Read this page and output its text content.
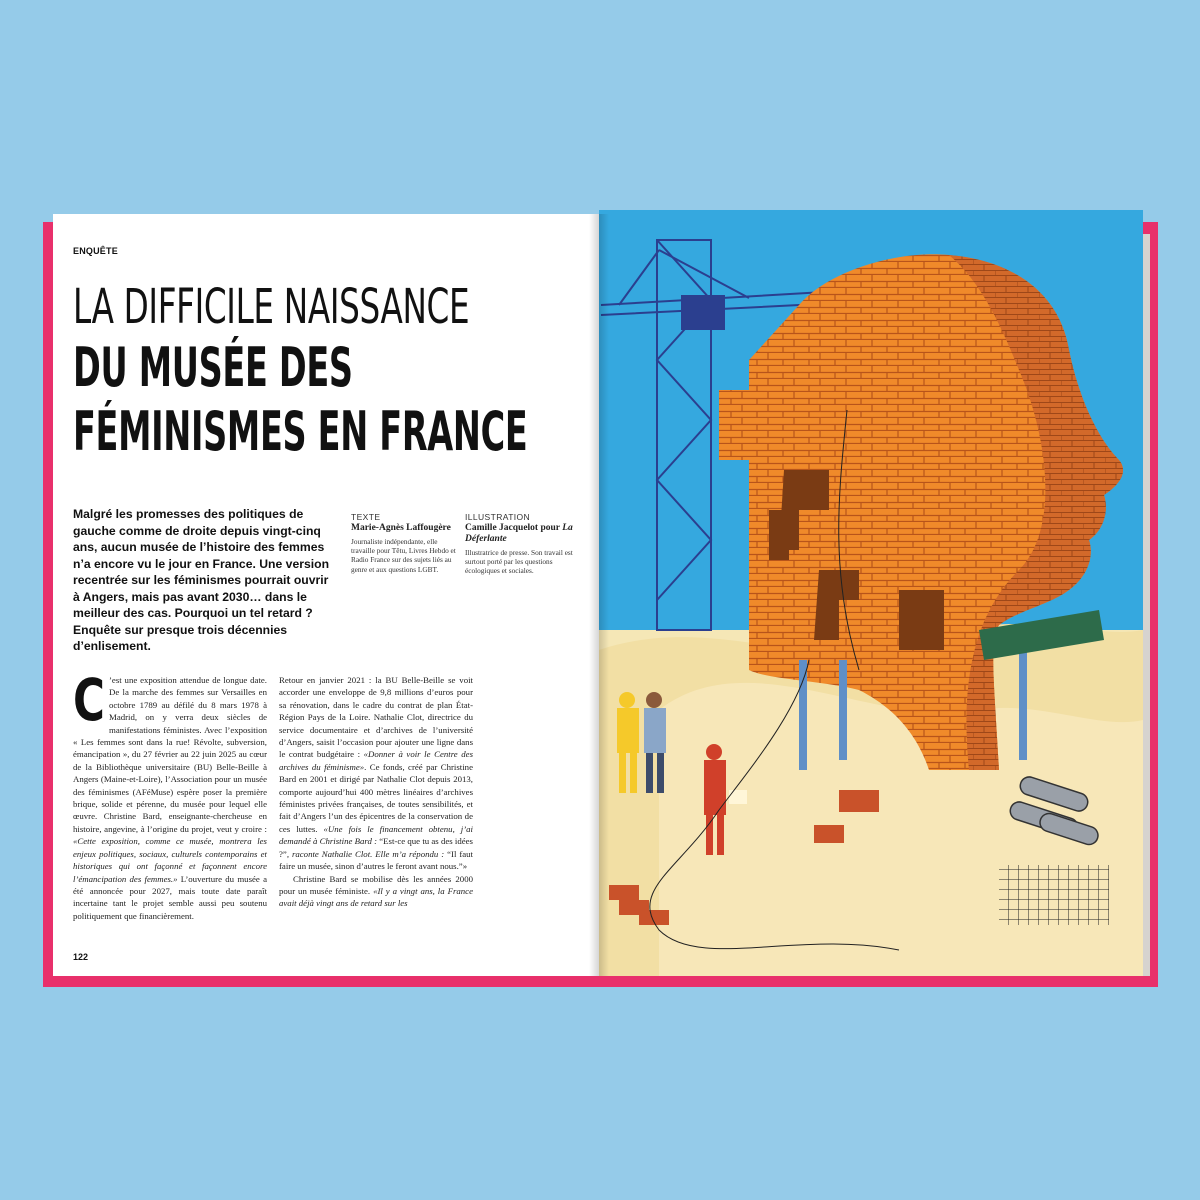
ENQUÊTE
LA DIFFICILE NAISSANCE
DU MUSÉE DES
FÉMINISMES EN FRANCE

Malgré les promesses des politiques de gauche comme de droite depuis vingt-cinq ans, aucun musée de l’histoire des femmes n’a encore vu le jour en France. Une version recentrée sur les féminismes pourrait ouvrir à Angers, mais pas avant 2030… dans le meilleur des cas. Pourquoi un tel retard ? Enquête sur presque trois décennies d’enlisement.

TEXTE
Marie-Agnès Laffougère
Journaliste indépendante, elle travaille pour Têtu, Livres Hebdo et Radio France sur des sujets liés au genre et aux questions LGBT.
ILLUSTRATION
Camille Jacquelot pour La Déferlante
Illustratrice de presse. Son travail est surtout porté par les questions écologiques et sociales.

C ’est une exposition attendue de longue date. De la marche des femmes sur Versailles en octobre 1789 au défilé du 8 mars 1978 à Madrid, on y verra deux siècles de manifestations féministes. Avec l’exposition « Les femmes sont dans la rue! Révolte, subversion, émancipation », du 27 février au 22 juin 2025 au cœur de la Bibliothèque universitaire (BU) Belle-Beille à Angers (Maine-et-Loire), l’Association pour un musée des féminismes (AFéMuse) espère poser la première brique, solide et pérenne, du musée pour lequel elle œuvre. Christine Bard, enseignante-chercheuse en histoire, angevine, à l’origine du projet, veut y croire : «Cette exposition, comme ce musée, montrera les enjeux politiques, sociaux, culturels contemporains et historiques qui ont façonné et façonnent encore l’émancipation des femmes.» L’ouverture du musée a été annoncée pour 2027, mais toute date paraît incertaine tant le projet semble aussi peu soutenu politiquement que financièrement.

Retour en janvier 2021 : la BU Belle-Beille se voit accorder une enveloppe de 9,8 millions d’euros pour sa rénovation, dans le cadre du contrat de plan État-Région Pays de la Loire. Nathalie Clot, directrice du service documentaire et d’archives de l’université d’Angers, saisit l’occasion pour ajouter une ligne dans le contrat budgétaire : «Donner à voir le Centre des archives du féminisme». Ce fonds, créé par Christine Bard en 2001 et dirigé par Nathalie Clot depuis 2013, comporte aujourd’hui 400 mètres linéaires d’archives féministes privées françaises, de toutes sensibilités, et fait d’Angers l’un des épicentres de la conservation de ces luttes. «Une fois le financement obtenu, j’ai demandé à Christine Bard : “Est-ce que tu as des idées ?”, raconte Nathalie Clot. Elle m’a répondu : “Il faut faire un musée, sinon d’autres le feront avant nous.”»

Christine Bard se mobilise dès les années 2000 pour un musée féministe. «Il y a vingt ans, la France avait déjà vingt ans de retard sur les

122
